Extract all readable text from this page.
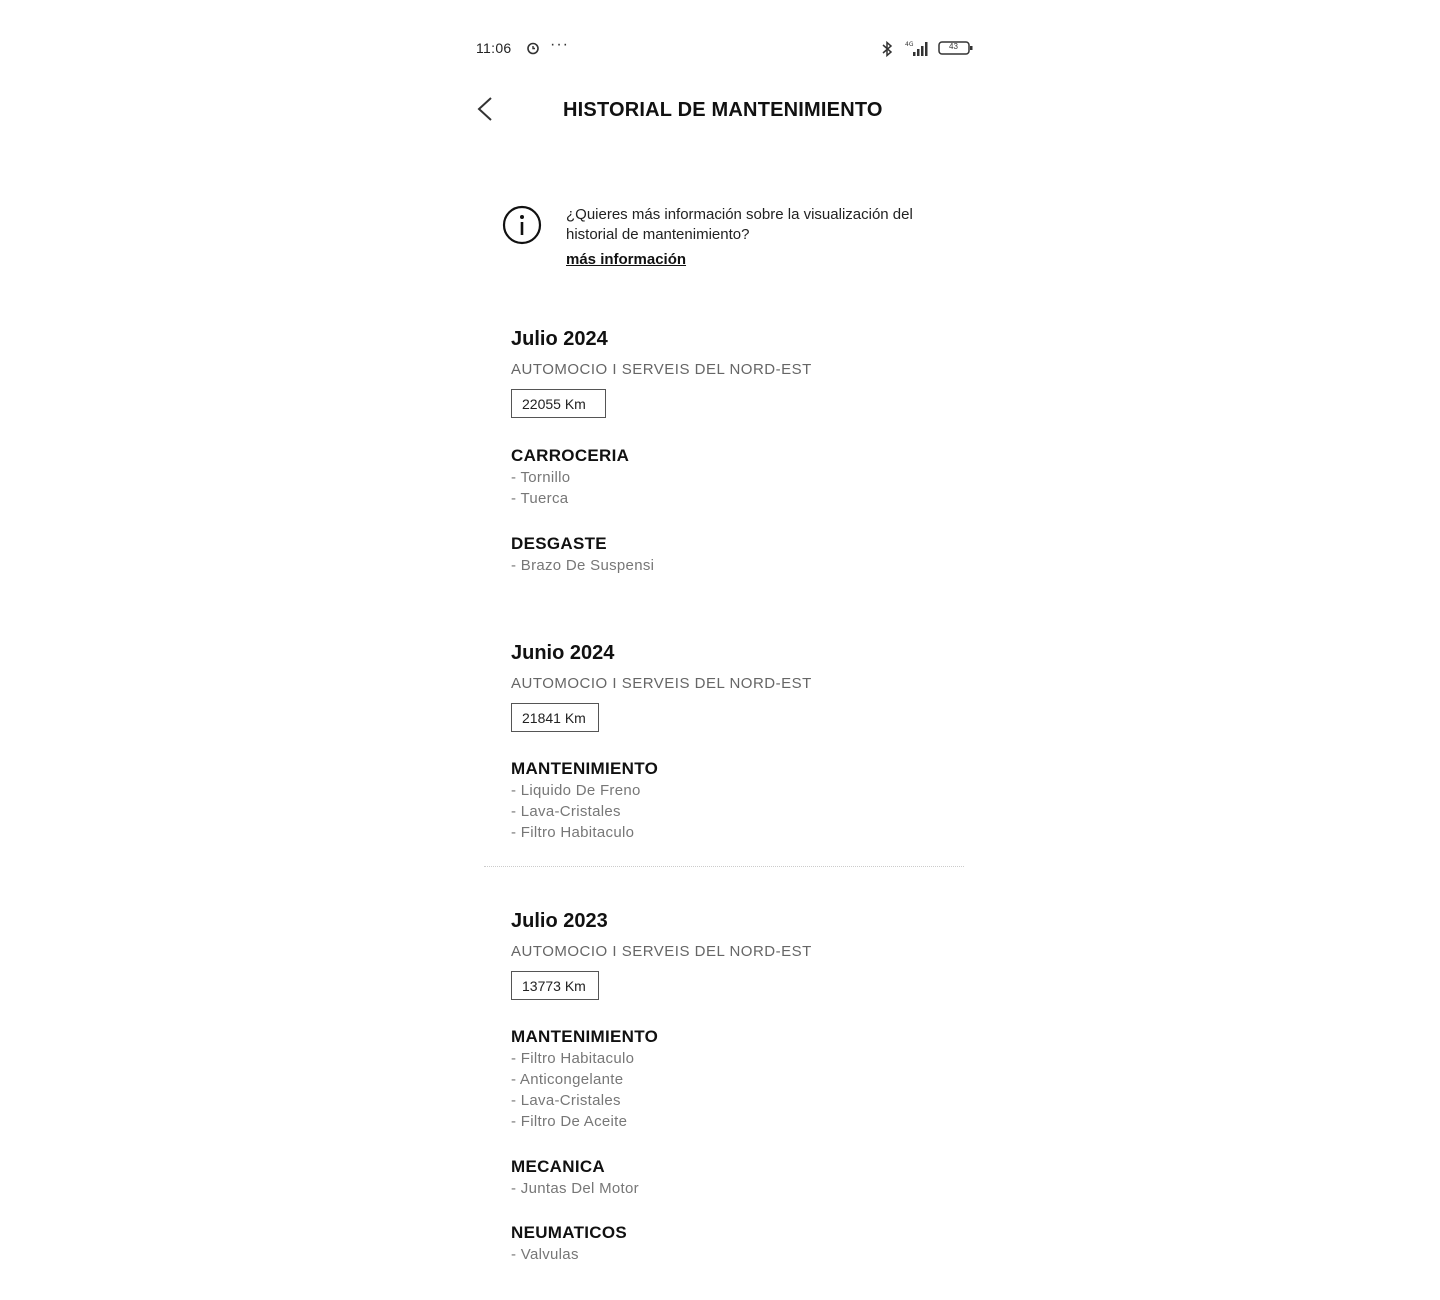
11:06 ···	4G	43
HISTORIAL DE MANTENIMIENTO
¿Quieres más información sobre la visualización del historial de mantenimiento?
más información
Julio 2024
AUTOMOCIO I SERVEIS DEL NORD-EST
22055 Km
CARROCERIA
- Tornillo
- Tuerca
DESGASTE
- Brazo De Suspensi
Junio 2024
AUTOMOCIO I SERVEIS DEL NORD-EST
21841 Km
MANTENIMIENTO
- Liquido De Freno
- Lava-Cristales
- Filtro Habitaculo
Julio 2023
AUTOMOCIO I SERVEIS DEL NORD-EST
13773 Km
MANTENIMIENTO
- Filtro Habitaculo
- Anticongelante
- Lava-Cristales
- Filtro De Aceite
MECANICA
- Juntas Del Motor
NEUMATICOS
- Valvulas
